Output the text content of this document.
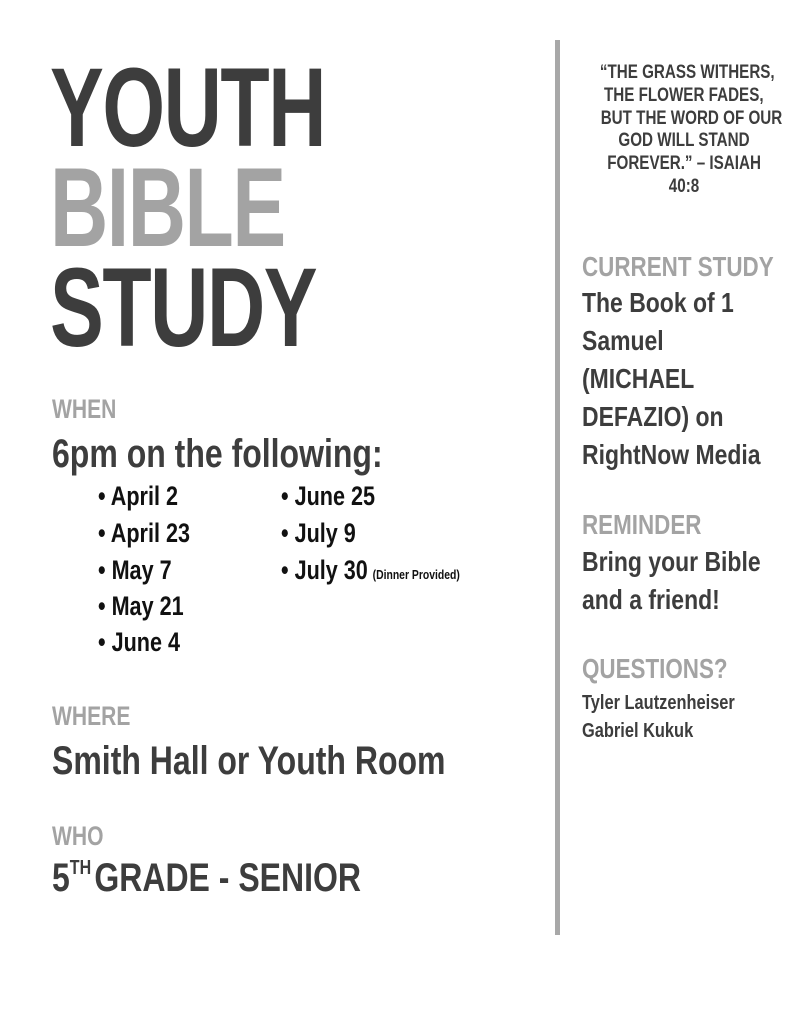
YOUTH
BIBLE
STUDY
WHEN
6pm on the following:
• April 2
• April 23
• May 7
• May 21
• June 4
• June 25
• July 9
• July 30 (Dinner Provided)
WHERE
Smith Hall or Youth Room
WHO
5THGRADE - SENIOR
“THE GRASS WITHERS,
THE FLOWER FADES,
BUT THE WORD OF OUR
GOD WILL STAND
FOREVER.” – ISAIAH
40:8
CURRENT STUDY
The Book of 1
Samuel
(MICHAEL
DEFAZIO) on
RightNow Media
REMINDER
Bring your Bible
and a friend!
QUESTIONS?
Tyler Lautzenheiser
Gabriel Kukuk
